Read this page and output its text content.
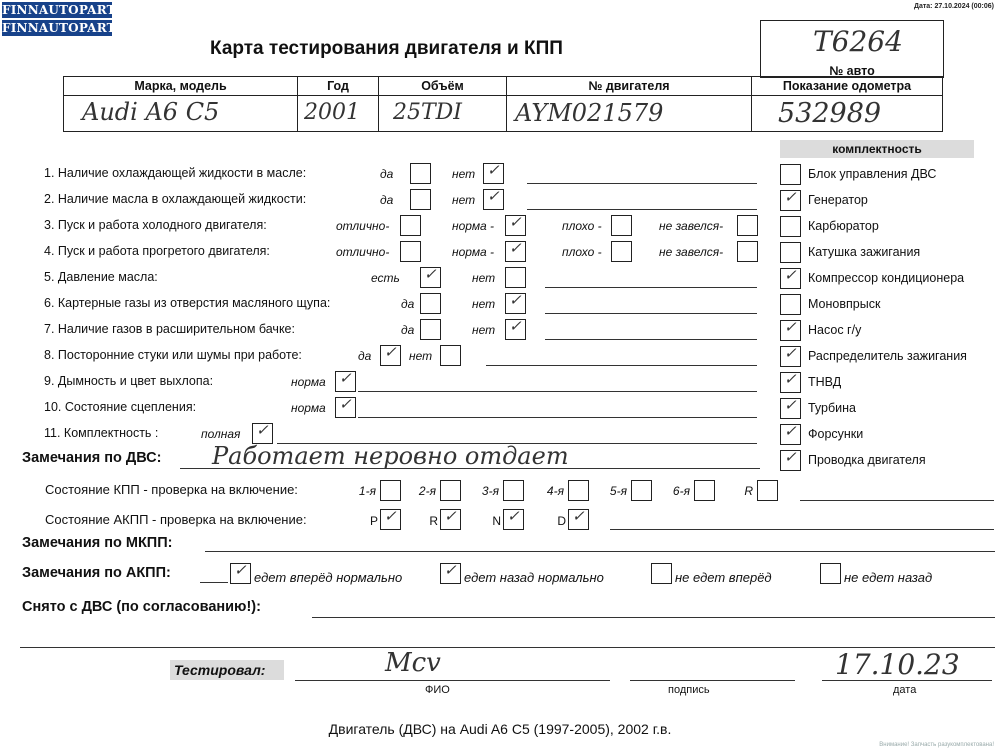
FINNAUTOPARTS
FINNAUTOPARTS
Дата: 27.10.2024 (00:06)
Карта тестирования двигателя и КПП	T6264
№ авто
Марка, модель	Год	Объём	№ двигателя	Показание одометра

Audi A6 C5	2001	25TDI	AYM021579	532989
комплектность
Блок управления ДВС
✓ Генератор
Карбюратор
Катушка зажигания
✓ Компрессор кондиционера
Моновпрыск
✓ Насос г/у
✓ Распределитель зажигания
✓ ТНВД
✓ Турбина
✓ Форсунки
✓ Проводка двигателя
1. Наличие охлаждающей жидкости в масле:	да	нет ✓
2. Наличие масла в охлаждающей жидкости:	да	нет ✓
3. Пуск и работа холодного двигателя:	отлично-	норма - ✓	плохо -	не завелся-
4. Пуск и работа прогретого двигателя:	отлично-	норма - ✓	плохо -	не завелся-
5. Давление масла:	есть ✓	нет
6. Картерные газы из отверстия масляного щупа:	да	нет ✓
7. Наличие газов в расширительном бачке:	да	нет ✓
8. Посторонние стуки или шумы при работе:	да ✓ нет
9. Дымность и цвет выхлопа:	норма ✓
10. Состояние сцепления:	норма ✓
11. Комплектность :	полная ✓
Замечания по ДВС: Работает неровно отдает
Состояние КПП - проверка на включение:	1-я	2-я	3-я	4-я	5-я	6-я	R
Состояние АКПП - проверка на включение:	P ✓	R ✓	N ✓	D ✓
Замечания по МКПП:
Замечания по АКПП:	✓ едет вперёд нормально	✓ едет назад нормально	не едет вперёд	не едет назад
Снято с ДВС (по согласованию!):
Тестировал:	Мсv
ФИО	подпись
17.10.23
дата
Двигатель (ДВС) на Audi A6 C5 (1997-2005), 2002 г.в.
Внимание! Запчасть разукомплектована!
